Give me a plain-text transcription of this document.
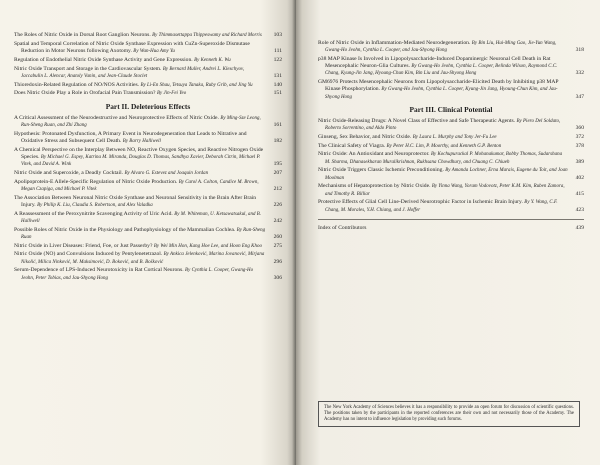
The Roles of Nitric Oxide in Dorsal Root Ganglion Neurons. By Thimmasettappa Thippeswamy and Richard Morris 103
Spatial and Temporal Correlation of Nitric Oxide Synthase Expression with CuZn-Superoxide Dismutase Reduction in Motor Neurons following Axotomy. By Wan-Hua Amy Yu	111
Regulation of Endothelial Nitric Oxide Synthase Activity and Gene Expression. By Kenneth K. Wu	122
Nitric Oxide Transport and Storage in the Cardiovascular System. By Bernard Muller, Andrei L. Kleschyov, Jaccabulin L. Alencar, Anatoly Vanin, and Jean-Claude Stoclet	131
Thioredoxin-Related Regulation of NO/NOS Activities. By Li-En Shau, Tetsuya Tanaka, Ruby Grib, and Jing Yu	140
Does Nitric Oxide Play a Role in Orofacial Pain Transmission? By Jin-Fei Yeo	151
Part II. Deleterious Effects
A Critical Assessment of the Neurodestructive and Neuroprotective Effects of Nitric Oxide. By Ming-Sze Leong, Run-Sheng Ruan, and Zhi Zhang	161
Hypothesis: Protonated Dysfunction, A Primary Event in Neurodegeneration that Leads to Nitrative and Oxidative Stress and Subsequent Cell Death. By Barry Halliwell	182
A Chemical Perspective on the Interplay Between NO, Reactive Oxygen Species, and Reactive Nitrogen Oxide Species. By Michael G. Espey, Katrina M. Miranda, Douglas D. Thomas, Sandhya Xavier, Deborah Citrin, Michael P. Vitek, and David A. Wink	195
Nitric Oxide and Superoxide, a Deadly Cocktail. By Alvaro G. Estevez and Joaquin Jordan	207
Apolipoprotein-E Allele-Specific Regulation of Nitric Oxide Production. By Carol A. Colton, Candice M. Brown, Megan Czapiga, and Michael P. Vitek	212
The Association Between Neuronal Nitric Oxide Synthase and Neuronal Sensitivity in the Brain After Brain Injury. By Philip K. Liu, Claudia S. Robertson, and Alex Valadka	226
A Reassessment of the Peroxynitrite Scavenging Activity of Uric Acid. By M. Whiteman, U. Ketsawatsakul, and B. Halliwell	242
Possible Roles of Nitric Oxide in the Physiology and Pathophysiology of the Mammalian Cochlea. By Run-Sheng Ruan	260
Nitric Oxide in Liver Diseases: Friend, Foe, or Just Passerby? By Wei Min Hon, Kang Hoe Lee, and Hoon Eng Khoo 275
Nitric Oxide (NO) and Convulsions Induced by Pentylenetetrazol. By Ankica Jelenković, Marina Jovanović, Mirjana Nikolić, Milica Ninković, M. Maksimović, D. Boković, and B. Bošković	296
Serum-Dependence of LPS-Induced Neurotoxicity in Rat Cortical Neurons. By Cynthia L. Cooper, Gwang-Ho Jeohn, Peter Tobias, and Jau-Shyong Hong	306
Role of Nitric Oxide in Inflammation-Mediated Neurodegeneration. By Bin Liu, Hui-Ming Gao, Jie-Yun Wang, Gwang-Ho Jeohn, Cynthia L. Cooper, and Jau-Shyong Hong	318
p38 MAP Kinase Is Involved in Lipopolysaccharide-Induced Dopaminergic Neuronal Cell Death in Rat Mesencephalic Neuron-Glia Cultures. By Gwang-Ho Jeohn, Cynthia L. Cooper, Belinda Wilson, Raymond C.C. Chang, Kyung-Jin Jang, Hyoung-Chun Kim, Bin Liu and Jau-Shyong Hong	332
GM6976 Protects Mesencephalic Neurons from Lipopolysaccharide-Elicited Death by Inhibiting p38 MAP Kinase Phosphorylation. By Gwang-Ho Jeohn, Cynthia L. Cooper, Kyung-Jin Jang, Hyoung-Chun Kim, and Jau-Shyong Hong	347
Part III. Clinical Potential
Nitric Oxide-Releasing Drugs: A Novel Class of Effective and Safe Therapeutic Agents. By Piero Del Soldato, Roberto Sorrentino, and Aldo Pinto	360
Ginseng, Sex Behavior, and Nitric Oxide. By Laura L. Murphy and Tony Jer-Fu Lee	372
The Clinical Safety of Viagra. By Peter H.C. Lim, P. Moorthy, and Kenneth G.P. Benton	378
Nitric Oxide: An Antioxidant and Neuroprotector. By Kochupurackal P. Mohanakumar, Bobby Thomas, Sudarshana M. Sharma, Dhanasekharan Muralikrishnan, Rukhsana Chowdhury, and Chuang C. Chiueh	389
Nitric Oxide Triggers Classic Ischemic Preconditioning. By Amanda Lochner, Erna Marais, Eugene du Toit, and Joan Moolman	402
Mechanisms of Hepatoprotection by Nitric Oxide. By Yinna Wang, Yoram Vodovotz, Peter K.M. Kim, Ruben Zamora, and Timothy R. Billiar	415
Protective Effects of Glial Cell Line-Derived Neurotrophic Factor in Ischemic Brain Injury. By Y. Wang, C.F. Chang, M. Morales, Y.H. Chiang, and J. Hoffer	423
Index of Contributors	439
The New York Academy of Sciences believes it has a responsibility to provide an open forum for discussion of scientific questions. The positions taken by the participants in the reported conferences are their own and not necessarily those of the Academy. The Academy has no intent to influence legislation by providing such forums.
